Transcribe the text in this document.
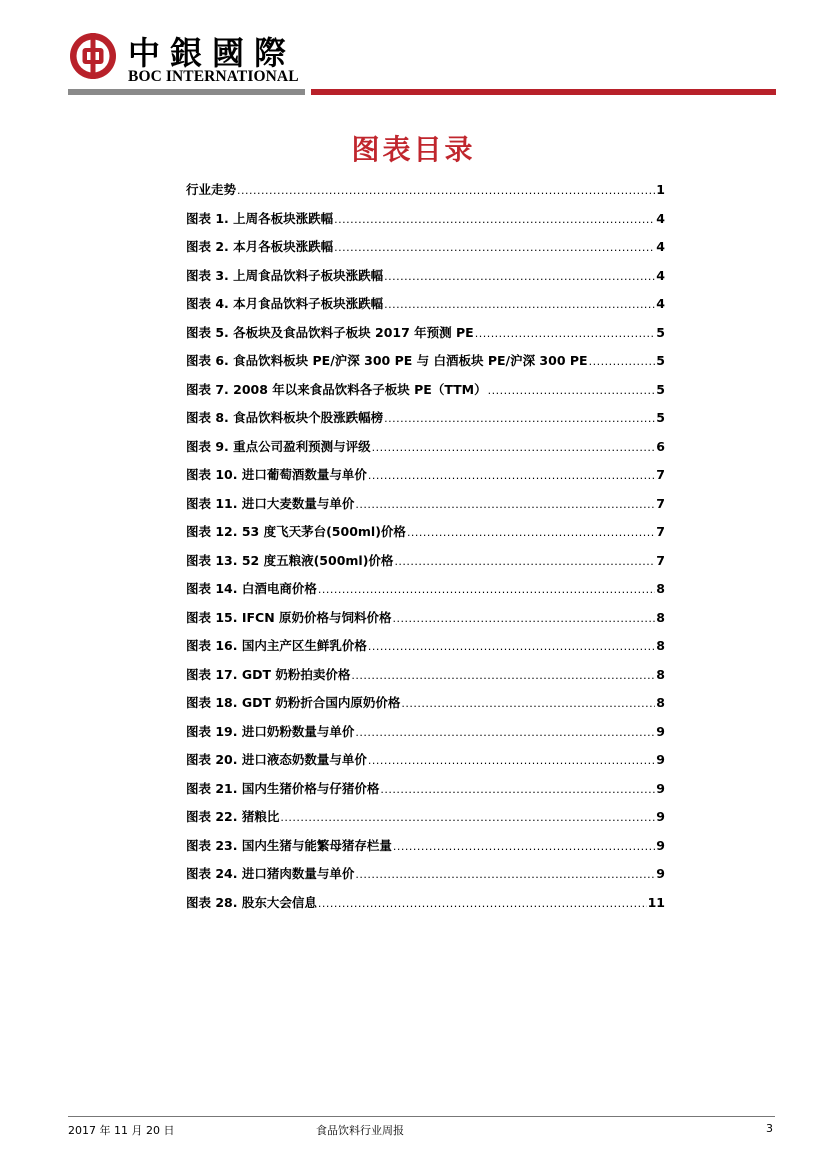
中銀國際
BOC INTERNATIONAL
图表目录
行业走势 .....	1
图表 1. 上周各板块涨跌幅 .....	4
图表 2. 本月各板块涨跌幅 .....	4
图表 3. 上周食品饮料子板块涨跌幅 .....	4
图表 4. 本月食品饮料子板块涨跌幅 .....	4
图表 5. 各板块及食品饮料子板块 2017 年预测 PE .....	5
图表 6. 食品饮料板块 PE/沪深 300 PE 与 白酒板块 PE/沪深 300 PE .....	5
图表 7. 2008 年以来食品饮料各子板块 PE（TTM） .....	5
图表 8. 食品饮料板块个股涨跌幅榜 .....	5
图表 9. 重点公司盈利预测与评级 .....	6
图表 10. 进口葡萄酒数量与单价 .....	7
图表 11. 进口大麦数量与单价 .....	7
图表 12. 53 度飞天茅台(500ml)价格 .....	7
图表 13. 52 度五粮液(500ml)价格 .....	7
图表 14. 白酒电商价格 .....	8
图表 15. IFCN 原奶价格与饲料价格 .....	8
图表 16. 国内主产区生鲜乳价格 .....	8
图表 17. GDT 奶粉拍卖价格 .....	8
图表 18. GDT 奶粉折合国内原奶价格 .....	8
图表 19. 进口奶粉数量与单价 .....	9
图表 20. 进口液态奶数量与单价 .....	9
图表 21. 国内生猪价格与仔猪价格 .....	9
图表 22. 猪粮比 .....	9
图表 23. 国内生猪与能繁母猪存栏量 .....	9
图表 24. 进口猪肉数量与单价 .....	9
图表 28. 股东大会信息 .....	11
2017 年 11 月 20 日	食品饮料行业周报	3
